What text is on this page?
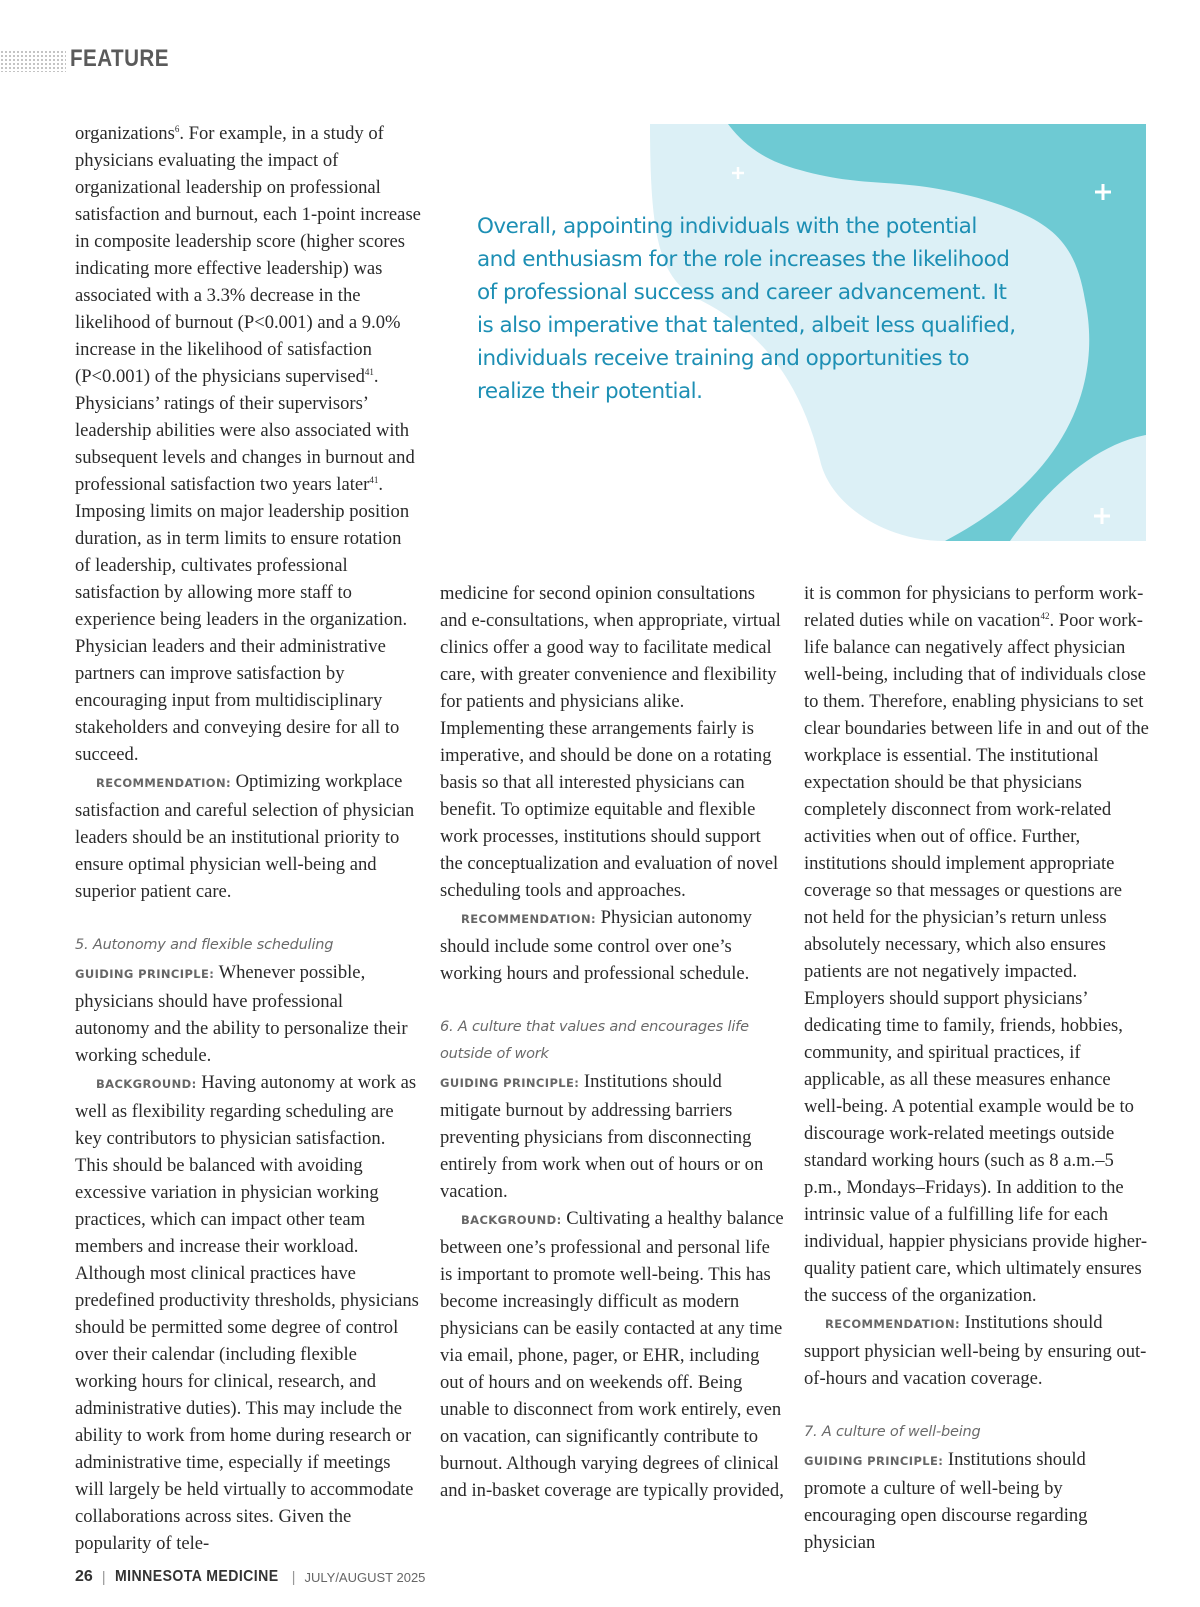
FEATURE
Overall, appointing individuals with the potential and enthusiasm for the role increases the likelihood of professional success and career advancement. It is also imperative that talented, albeit less qualified, individuals receive training and opportunities to realize their potential.

organizations$^6$. For example, in a study of physicians evaluating the impact of organizational leadership on professional satisfaction and burnout, each 1-point increase in composite leadership score (higher scores indicating more effective leadership) was associated with a 3.3% decrease in the likelihood of burnout (P<0.001) and a 9.0% increase in the likelihood of satisfaction (P<0.001) of the physicians supervised$^{41}$. Physicians’ ratings of their supervisors’ leadership abilities were also associated with subsequent levels and changes in burnout and professional satisfaction two years later$^{41}$. Imposing limits on major leadership position duration, as in term limits to ensure rotation of leadership, cultivates professional satisfaction by allowing more staff to experience being leaders in the organization. Physician leaders and their administrative partners can improve satisfaction by encouraging input from multidisciplinary stakeholders and conveying desire for all to succeed.

RECOMMENDATION: Optimizing workplace satisfaction and careful selection of physician leaders should be an institutional priority to ensure optimal physician well-being and superior patient care.

5. Autonomy and flexible scheduling

GUIDING PRINCIPLE: Whenever possible, physicians should have professional autonomy and the ability to personalize their working schedule.

BACKGROUND: Having autonomy at work as well as flexibility regarding scheduling are key contributors to physician satisfaction. This should be balanced with avoiding excessive variation in physician working practices, which can impact other team members and increase their workload. Although most clinical practices have predefined productivity thresholds, physicians should be permitted some degree of control over their calendar (including flexible working hours for clinical, research, and administrative duties). This may include the ability to work from home during research or administrative time, especially if meetings will largely be held virtually to accommodate collaborations across sites. Given the popularity of tele-

medicine for second opinion consultations and e-consultations, when appropriate, virtual clinics offer a good way to facilitate medical care, with greater convenience and flexibility for patients and physicians alike. Implementing these arrangements fairly is imperative, and should be done on a rotating basis so that all interested physicians can benefit. To optimize equitable and flexible work processes, institutions should support the conceptualization and evaluation of novel scheduling tools and approaches.

RECOMMENDATION: Physician autonomy should include some control over one’s working hours and professional schedule.

6. A culture that values and encourages life outside of work

GUIDING PRINCIPLE: Institutions should mitigate burnout by addressing barriers preventing physicians from disconnecting entirely from work when out of hours or on vacation.

BACKGROUND: Cultivating a healthy balance between one’s professional and personal life is important to promote well-being. This has become increasingly difficult as modern physicians can be easily contacted at any time via email, phone, pager, or EHR, including out of hours and on weekends off. Being unable to disconnect from work entirely, even on vacation, can significantly contribute to burnout. Although varying degrees of clinical and in-basket coverage are typically provided,

it is common for physicians to perform work-related duties while on vacation$^{42}$. Poor work-life balance can negatively affect physician well-being, including that of individuals close to them. Therefore, enabling physicians to set clear boundaries between life in and out of the workplace is essential. The institutional expectation should be that physicians completely disconnect from work-related activities when out of office. Further, institutions should implement appropriate coverage so that messages or questions are not held for the physician’s return unless absolutely necessary, which also ensures patients are not negatively impacted. Employers should support physicians’ dedicating time to family, friends, hobbies, community, and spiritual practices, if applicable, as all these measures enhance well-being. A potential example would be to discourage work-related meetings outside standard working hours (such as 8 a.m.–5 p.m., Mondays–Fridays). In addition to the intrinsic value of a fulfilling life for each individual, happier physicians provide higher-quality patient care, which ultimately ensures the success of the organization.

RECOMMENDATION: Institutions should support physician well-being by ensuring out-of-hours and vacation coverage.

7. A culture of well-being

GUIDING PRINCIPLE: Institutions should promote a culture of well-being by encouraging open discourse regarding physician

26 | MINNESOTA MEDICINE | JULY/AUGUST 2025
